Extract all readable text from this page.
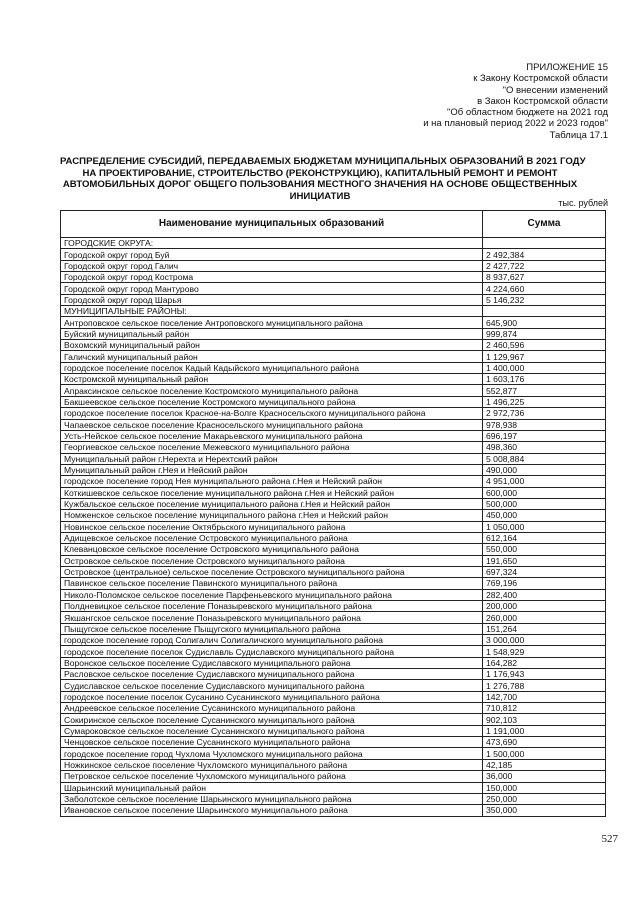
ПРИЛОЖЕНИЕ 15
к Закону Костромской области
"О внесении изменений
в Закон Костромской области
"Об областном бюджете на 2021 год
и на плановый период 2022 и 2023 годов"
Таблица 17.1
РАСПРЕДЕЛЕНИЕ СУБСИДИЙ, ПЕРЕДАВАЕМЫХ БЮДЖЕТАМ МУНИЦИПАЛЬНЫХ ОБРАЗОВАНИЙ В 2021 ГОДУ
НА ПРОЕКТИРОВАНИЕ, СТРОИТЕЛЬСТВО (РЕКОНСТРУКЦИЮ), КАПИТАЛЬНЫЙ РЕМОНТ И РЕМОНТ
АВТОМОБИЛЬНЫХ ДОРОГ ОБЩЕГО ПОЛЬЗОВАНИЯ МЕСТНОГО ЗНАЧЕНИЯ НА ОСНОВЕ ОБЩЕСТВЕННЫХ
ИНИЦИАТИВ
тыс. рублей
Наименование муниципальных образований	Сумма
ГОРОДСКИЕ ОКРУГА:	
Городской округ город Буй	2 492,384
Городской округ город Галич	2 427,722
Городской округ город Кострома	8 937,627
Городской округ город Мантурово	4 224,660
Городской округ город Шарья	5 146,232
МУНИЦИПАЛЬНЫЕ РАЙОНЫ:	
Антроповское сельское поселение Антроповского муниципального района	645,900
Буйский муниципальный район	999,874
Вохомский муниципальный район	2 460,596
Галичский муниципальный район	1 129,967
городское поселение поселок Кадый Кадыйского муниципального района	1 400,000
Костромской муниципальный район	1 603,176
Апраксинское сельское поселение Костромского муниципального района	552,877
Бакшеевское сельское поселение Костромского муниципального района	1 496,225
городское поселение поселок Красное-на-Волге Красносельского муниципального района	2 972,736
Чапаевское сельское поселение Красносельского муниципального района	978,938
Усть-Нейское сельское поселение Макарьевского муниципального района	696,197
Георгиевское сельское поселение Межевского муниципального района	498,360
Муниципальный район г.Нерехта и Нерехтский район	5 008,884
Муниципальный район г.Нея и Нейский район	490,000
городское поселение город Нея муниципального района г.Нея и Нейский район	4 951,000
Коткишевское сельское поселение муниципального района г.Нея и Нейский район	600,000
Кужбальское сельское поселение муниципального района г.Нея и Нейский район	500,000
Номженское сельское поселение муниципального района г.Нея и Нейский район	450,000
Новинское сельское поселение Октябрьского муниципального района	1 050,000
Адищевское сельское поселение Островского муниципального района	612,164
Клеванцовское сельское поселение Островского муниципального района	550,000
Островское сельское поселение Островского муниципального района	191,650
Островское (центральное) сельское поселение Островского муниципального района	697,324
Павинское сельское поселение Павинского муниципального района	769,196
Николо-Поломское сельское поселение Парфеньевского муниципального района	282,400
Полдневицкое сельское поселение Поназыревского муниципального района	200,000
Якшангское сельское поселение Поназыревского муниципального района	260,000
Пыщугское сельское поселение Пыщугского муниципального района	151,264
городское поселение город Солигалич Солигаличского муниципального района	3 000,000
городское поселение поселок Судиславль Судиславского муниципального района	1 548,929
Воронское сельское поселение Судиславского муниципального района	164,282
Расловское сельское поселение Судиславского муниципального района	1 176,943
Судиславское сельское поселение Судиславского муниципального района	1 276,788
городское поселение поселок Сусанино Сусанинского муниципального района	142,700
Андреевское сельское поселение Сусанинского муниципального района	710,812
Сокиринское сельское поселение Сусанинского муниципального района	902,103
Сумароковское сельское поселение Сусанинского муниципального района	1 191,000
Ченцовское сельское поселение Сусанинского муниципального района	473,690
городское поселение город Чухлома Чухломского муниципального района	1 500,000
Ножкинское сельское поселение Чухломского муниципального района	42,185
Петровское сельское поселение Чухломского муниципального района	36,000
Шарьинский муниципальный район	150,000
Заболотское сельское поселение Шарьинского муниципального района	250,000
Ивановское сельское поселение Шарьинского муниципального района	350,000
527
